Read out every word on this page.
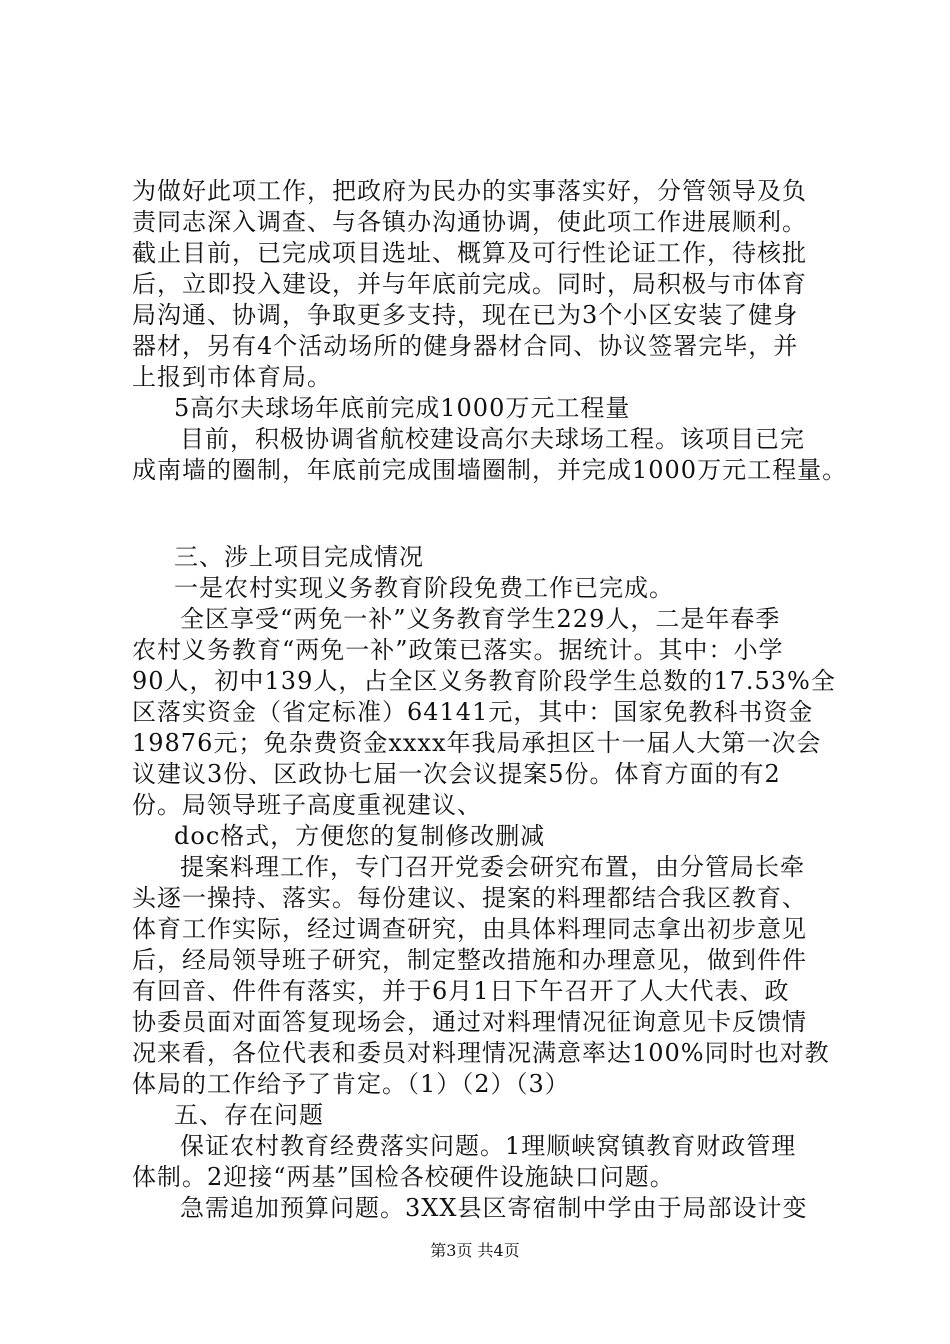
为做好此项工作，把政府为民办的实事落实好，分管领导及负
责同志深入调查、与各镇办沟通协调，使此项工作进展顺利。
截止目前，已完成项目选址、概算及可行性论证工作，待核批
后，立即投入建设，并与年底前完成。同时，局积极与市体育
局沟通、协调，争取更多支持，现在已为3个小区安装了健身
器材，另有4个活动场所的健身器材合同、协议签署完毕，并
上报到市体育局。
5高尔夫球场年底前完成1000万元工程量
目前，积极协调省航校建设高尔夫球场工程。该项目已完
成南墙的圈制，年底前完成围墙圈制，并完成1000万元工程量。
三、涉上项目完成情况
一是农村实现义务教育阶段免费工作已完成。
全区享受“两免一补”义务教育学生229人，二是年春季
农村义务教育“两免一补”政策已落实。据统计。其中：小学
90人，初中139人，占全区义务教育阶段学生总数的17.53%全
区落实资金（省定标准）64141元，其中：国家免教科书资金
19876元；免杂费资金xxxx年我局承担区十一届人大第一次会
议建议3份、区政协七届一次会议提案5份。体育方面的有2
份。局领导班子高度重视建议、
doc格式，方便您的复制修改删减
提案料理工作，专门召开党委会研究布置，由分管局长牵
头逐一操持、落实。每份建议、提案的料理都结合我区教育、
体育工作实际，经过调查研究，由具体料理同志拿出初步意见
后，经局领导班子研究，制定整改措施和办理意见，做到件件
有回音、件件有落实，并于6月1日下午召开了人大代表、政
协委员面对面答复现场会，通过对料理情况征询意见卡反馈情
况来看，各位代表和委员对料理情况满意率达100%同时也对教
体局的工作给予了肯定。（1）（2）（3）
五、存在问题
保证农村教育经费落实问题。1理顺峡窝镇教育财政管理
体制。2迎接“两基”国检各校硬件设施缺口问题。
急需追加预算问题。3XX县区寄宿制中学由于局部设计变
第3页 共4页
